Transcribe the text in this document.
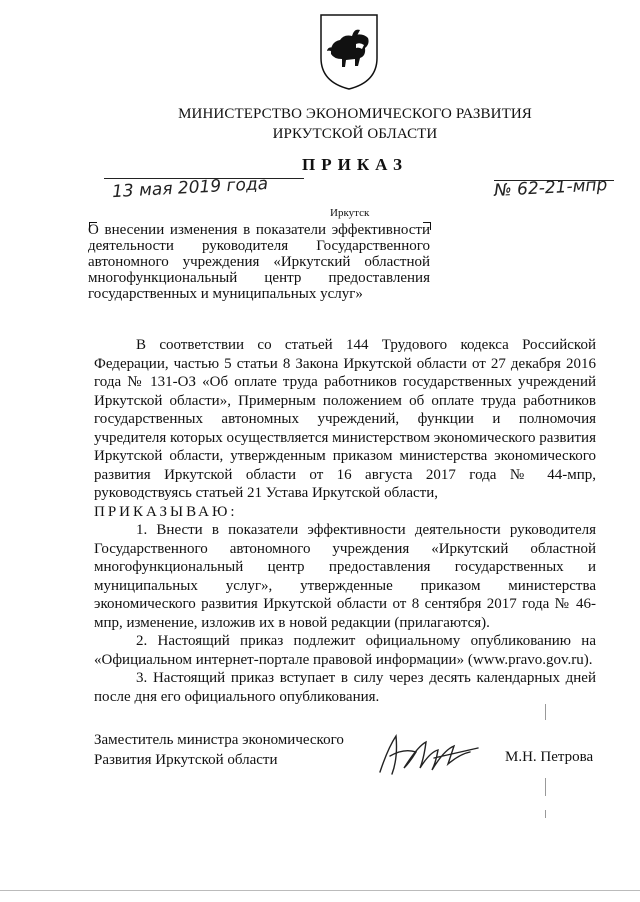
МИНИСТЕРСТВО ЭКОНОМИЧЕСКОГО РАЗВИТИЯ
ИРКУТСКОЙ ОБЛАСТИ
ПРИКАЗ
13 мая 2019 года	№ 62-21-мпр
Иркутск
О внесении изменения в показатели эффективности деятельности руководителя Государственного автономного учреждения «Иркутский областной многофункциональный центр предоставления государственных и муниципальных услуг»

В соответствии со статьей 144 Трудового кодекса Российской Федерации, частью 5 статьи 8 Закона Иркутской области от 27 декабря 2016 года № 131-ОЗ «Об оплате труда работников государственных учреждений Иркутской области», Примерным положением об оплате труда работников государственных автономных учреждений, функции и полномочия учредителя которых осуществляется министерством экономического развития Иркутской области, утвержденным приказом министерства экономического развития Иркутской области от 16 августа 2017 года № 44-мпр, руководствуясь статьей 21 Устава Иркутской области,

ПРИКАЗЫВАЮ:

1. Внести в показатели эффективности деятельности руководителя Государственного автономного учреждения «Иркутский областной многофункциональный центр предоставления государственных и муниципальных услуг», утвержденные приказом министерства экономического развития Иркутской области от 8 сентября 2017 года № 46-мпр, изменение, изложив их в новой редакции (прилагаются).

2. Настоящий приказ подлежит официальному опубликованию на «Официальном интернет-портале правовой информации» (www.pravo.gov.ru).

3. Настоящий приказ вступает в силу через десять календарных дней после дня его официального опубликования.

Заместитель министра экономического
Развития Иркутской области	М.Н. Петрова
